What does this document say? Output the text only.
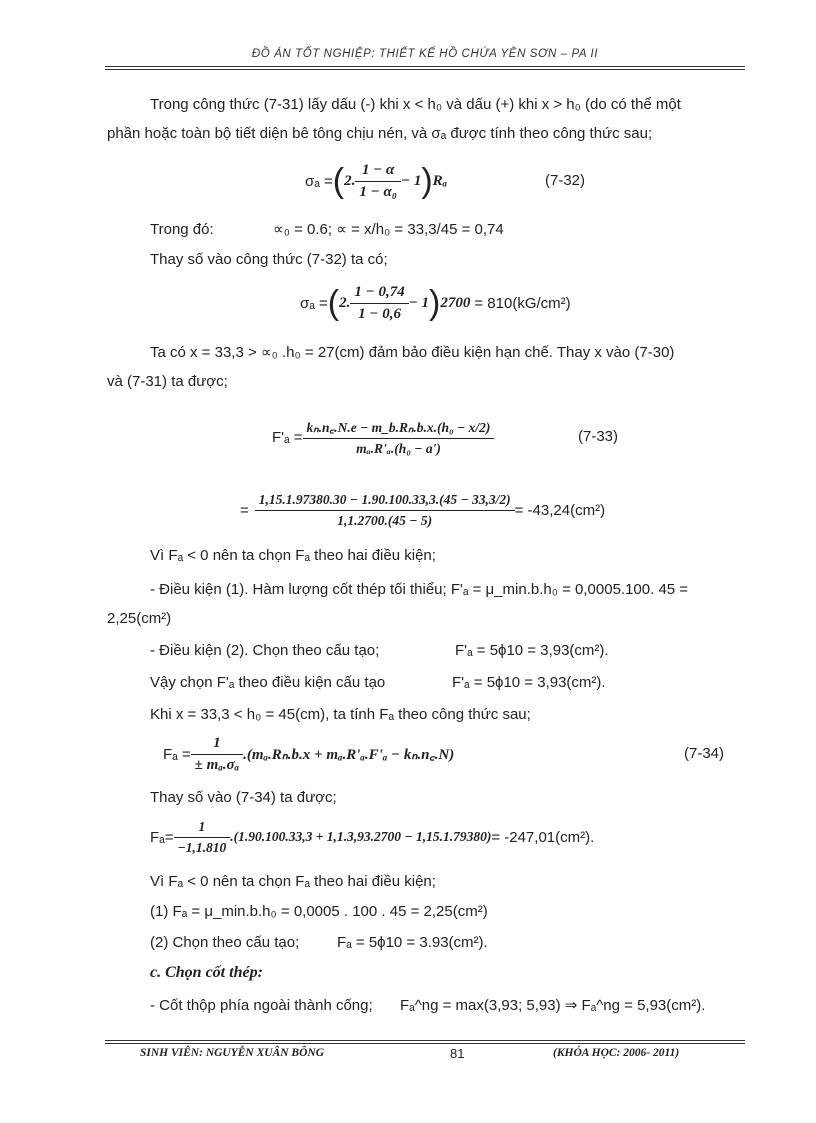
ĐỒ ÁN TỐT NGHIỆP: THIẾT KẾ HỒ CHỨA YÊN SƠN – PA II
Trong công thức (7-31) lấy dấu (-) khi x < h₀ và dấu (+) khi x > h₀ (do có thể một
phần hoặc toàn bộ tiết diện bê tông chịu nén, và σₐ được tính theo công thức sau;
σₐ = ( 2. $\frac{1 - \alpha}{\text{1 − α₀}} - 1$ ) Rₐ	(7-32)
Trong đó:	∝₀ = 0.6; ∝ = x/h₀ = 33,3/45 = 0,74
Thay số vào công thức (7-32) ta có;
σₐ = ( 2. $\frac{1 - 0,74}{1 - 0,6} - 1$ ) 2700 = 810(kG/cm²)
Ta có x = 33,3 > ∝₀ .h₀ = 27(cm) đảm bảo điều kiện hạn chế. Thay x vào (7-30)
và (7-31) ta được;
$F'_a = \frac{\text{kₙ.n꜀.N.e − m\_b.Rₙ.b.x.(h₀ − x/2)}}{\text{mₐ.R'ₐ.(h₀ − a')}}$	(7-33)
= $\frac{1,15.1.97380.30 - 1.90.100.33,3.(45 - 33,3/2)}{1,1.2700.(45 - 5)} = -43,24(cm^2)$
Vì Fₐ < 0 nên ta chọn Fₐ theo hai điều kiện;
- Điều kiện (1). Hàm lượng cốt thép tối thiểu; F'ₐ = μ_min.b.h₀ = 0,0005.100. 45 =
2,25(cm²)
- Điều kiện (2). Chọn theo cấu tạo;	F'ₐ = 5ϕ10 = 3,93(cm²).
Vậy chọn F'ₐ theo điều kiện cấu tạo	F'ₐ = 5ϕ10 = 3,93(cm²).
Khi x = 33,3 < h₀ = 45(cm), ta tính Fₐ theo công thức sau;
$F_a = \frac{1}{\text{± mₐ.σₐ}} .(m_a.R_n.b.x + m_a.R'_a.F'_a$ − kₙ.n꜀.N)	(7-34)
Thay số vào (7-34) ta được;
$F_a= \frac{1}{-1,1.810} .(1.90.100.33,3 + 1,1.3,93.2700 - 1,15.1.79380) = -247,01(cm^2)$.
Vì Fₐ < 0 nên ta chọn Fₐ theo hai điều kiện;
(1) Fₐ = μ_min.b.h₀ = 0,0005 . 100 . 45 = 2,25(cm²)
(2) Chọn theo cấu tạo;	Fₐ = 5ϕ10 = 3.93(cm²).
c. Chọn cốt thép:
- Cốt thộp phía ngoài thành cống; Fₐ^ng = max(3,93; 5,93) ⇒ Fₐ^ng = 5,93(cm²).
SINH VIÊN: NGUYỄN XUÂN BÔNG	81	(KHÓA HỌC: 2006- 2011)
